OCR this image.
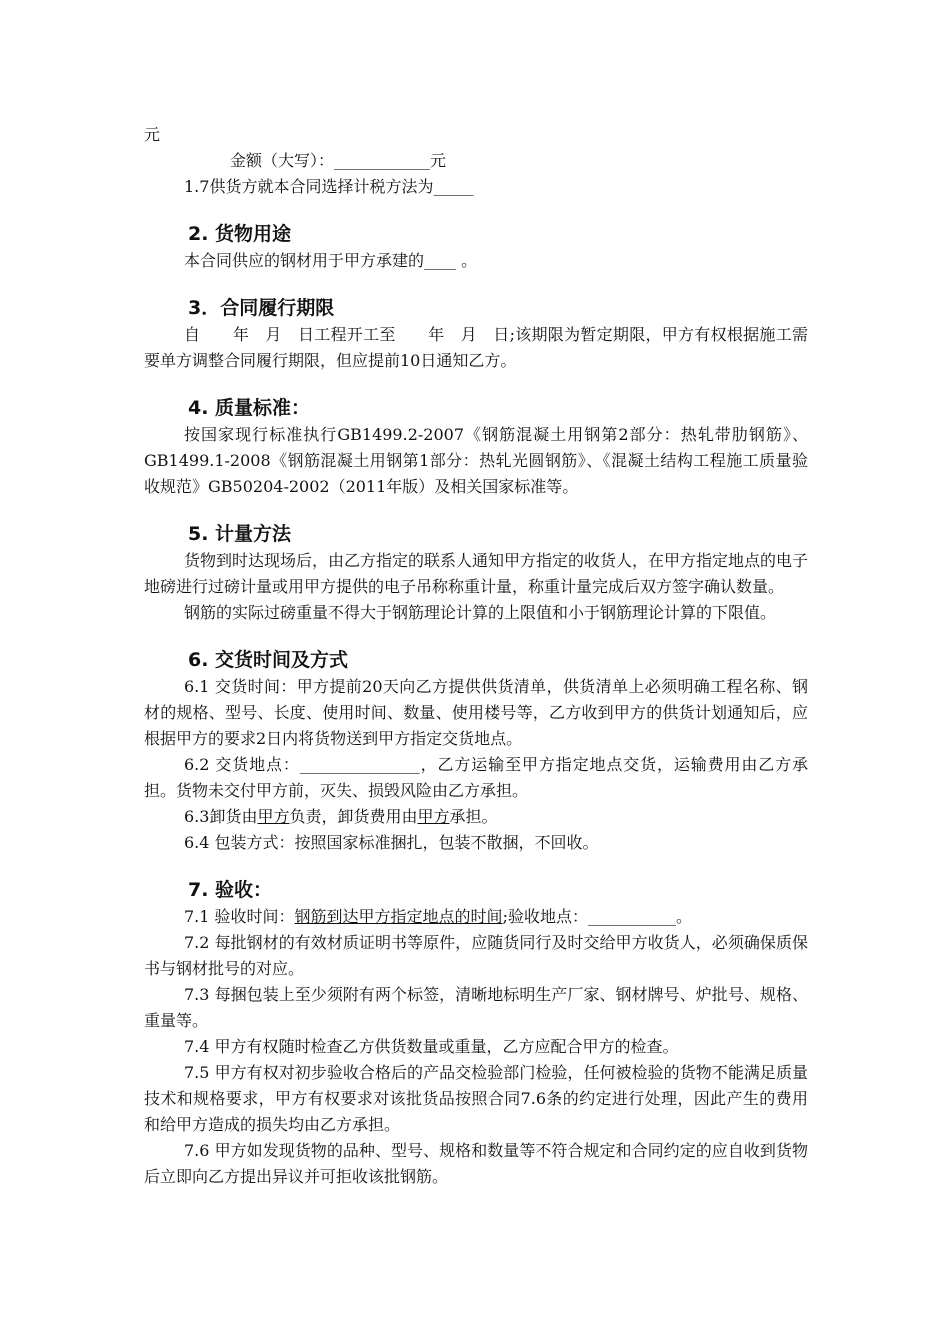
元
金额（大写）：____________元
1.7供货方就本合同选择计税方法为_____
2. 货物用途
本合同供应的钢材用于甲方承建的____ 。
3．合同履行期限
自　　年　月　日工程开工至　　年　月　日;该期限为暂定期限，甲方有权根据施工需要单方调整合同履行期限，但应提前10日通知乙方。
4. 质量标准：
按国家现行标准执行GB1499.2-2007《钢筋混凝土用钢第2部分：热轧带肋钢筋》、GB1499.1-2008《钢筋混凝土用钢第1部分：热轧光圆钢筋》、《混凝土结构工程施工质量验收规范》GB50204-2002（2011年版）及相关国家标准等。
5. 计量方法
货物到时达现场后，由乙方指定的联系人通知甲方指定的收货人，在甲方指定地点的电子地磅进行过磅计量或用甲方提供的电子吊称称重计量，称重计量完成后双方签字确认数量。
钢筋的实际过磅重量不得大于钢筋理论计算的上限值和小于钢筋理论计算的下限值。
6. 交货时间及方式
6.1 交货时间：甲方提前20天向乙方提供供货清单，供货清单上必须明确工程名称、钢材的规格、型号、长度、使用时间、数量、使用楼号等，乙方收到甲方的供货计划通知后，应根据甲方的要求2日内将货物送到甲方指定交货地点。
6.2 交货地点：_______________，乙方运输至甲方指定地点交货，运输费用由乙方承担。货物未交付甲方前，灭失、损毁风险由乙方承担。
6.3卸货由甲方负责，卸货费用由甲方承担。
6.4 包装方式：按照国家标准捆扎，包装不散捆，不回收。
7. 验收：
7.1 验收时间：钢筋到达甲方指定地点的时间;验收地点：___________。
7.2 每批钢材的有效材质证明书等原件，应随货同行及时交给甲方收货人，必须确保质保书与钢材批号的对应。
7.3 每捆包装上至少须附有两个标签，清晰地标明生产厂家、钢材牌号、炉批号、规格、重量等。
7.4 甲方有权随时检查乙方供货数量或重量，乙方应配合甲方的检查。
7.5 甲方有权对初步验收合格后的产品交检验部门检验，任何被检验的货物不能满足质量技术和规格要求，甲方有权要求对该批货品按照合同7.6条的约定进行处理，因此产生的费用和给甲方造成的损失均由乙方承担。
7.6 甲方如发现货物的品种、型号、规格和数量等不符合规定和合同约定的应自收到货物后立即向乙方提出异议并可拒收该批钢筋。
